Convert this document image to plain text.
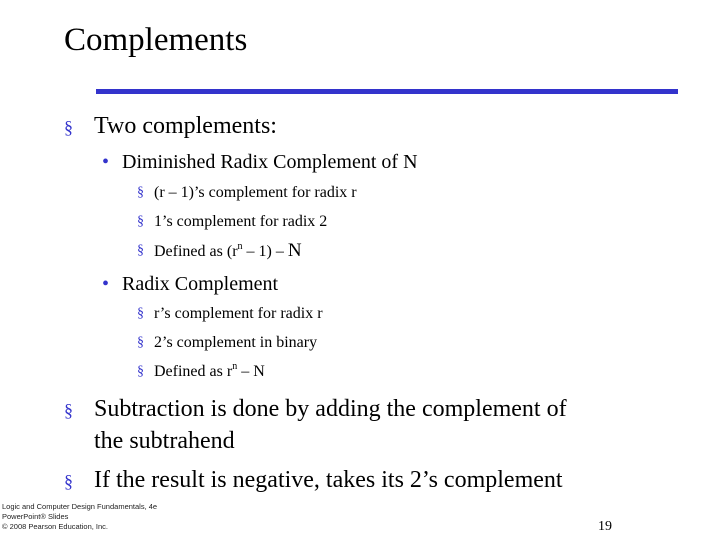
Complements
§ Two complements:
• Diminished Radix Complement of N
§ (r – 1)’s complement for radix r
§ 1’s complement for radix 2
§ Defined as $(r^n - 1)$ – N
• Radix Complement
§ r’s complement for radix r
§ 2’s complement in binary
§ Defined as $r^n$ – N
§ Subtraction is done by adding the complement of
the subtrahend
§ If the result is negative, takes its 2’s complement
Logic and Computer Design Fundamentals, 4e
PowerPoint® Slides
© 2008 Pearson Education, Inc.	19
